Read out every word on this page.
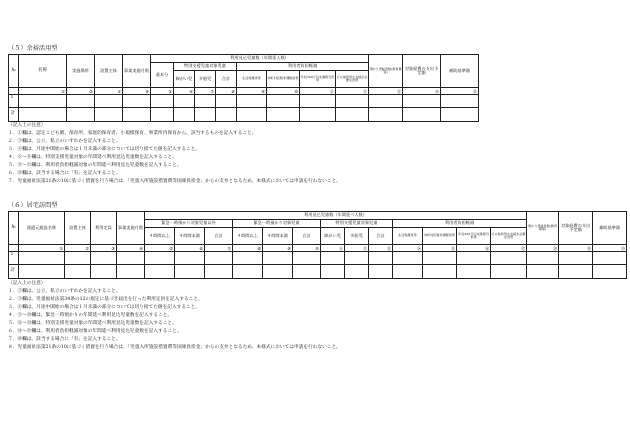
（５）余裕活用型
№	名称	実施場所	設置主体	事業実施月数	利用見込児童数（年間延人数）								預かり登録者数(教育費等)	対象経費の支出予定額	補助基準額
					基本分	特別支援児童対象児童			利用者負担軽減						
						障がい児	多胎児	合計	生活保護世帯	市町村民税非課税世帯	年収360万円未満相当世帯	その他特別な支援が必要な世帯			
	①	②	③	④	⑤	⑥	⑦	⑧	⑨	⑩	⑪	⑫	⑬	⑭	⑮
1															
計															
（記入上の注意）
１．①欄は、認定こども園、保育所、家庭的保育者、小規模保育、事業所内保育から、該当するものを記入すること。
２．③欄は、公立、私立のいずれかを記入すること。
３．④欄は、月途中開始の場合は１月未満の部分については切り捨てた値を記入すること。
４．⑥〜⑧欄は、特別支援児童対象の年間延べ利用見込児童数を記入すること。
５．⑨〜⑫欄は、利用者負担軽減対象の年間延べ利用見込児童数を記入すること。
６．⑬欄は、該当する場合に「有」を記入すること。
７．児童福祉法第21条の10に基づく措置を行う場合は、「児童入所施設措置費等国庫負担金」からの支弁となるため、本様式においては申請を行わないこと。
（６）居宅訪問型
№	派遣元施設名称	設置主体	利用定員	事業実施月数	利用見込児童数（年間延べ人数）													預かり登録者数(教育費等)	対象経費の支出予定額	補助基準額	
					緊急一時預かり対象児童以外			緊急一時預かり対象児童			特別支援児童対象児童			利用者負担軽減							
					４時間以上	４時間未満	合計	４時間以上	４時間未満	合計	障がい児	多胎児	合計	生活保護世帯	市町村民税非課税世帯	年収360万円未満相当世帯	その他特別な支援が必要な世帯				
	①	②	③	④	⑤	⑥	⑦	⑧	⑨	⑩	⑪	⑫	⑬	⑭	⑮	⑯	⑰	⑱	⑲	⑳	
1																					
計																					
（記入上の注意）
１．②欄は、公立、私立のいずれかを記入すること。
２．③欄は、児童福祉法第34条の12の規定に基づき届出を行った利用定員を記入すること。
３．④欄は、月途中開始の場合は１月未満の部分については切り捨てた値を記入すること。
４．⑤〜⑩欄は、緊急一時預かりの年間延べ利用見込児童数を記入すること。
５．⑪〜⑬欄は、特別支援児童対象の年間延べ利用見込児童数を記入すること。
６．⑭〜⑰欄は、利用者負担軽減対象の年間延べ利用見込児童数を記入すること。
７．⑱欄は、該当する場合に「有」を記入すること。
８．児童福祉法第21条の10に基づく措置を行う場合は、「児童入所施設措置費等国庫負担金」からの支弁となるため、本様式においては申請を行わないこと。
